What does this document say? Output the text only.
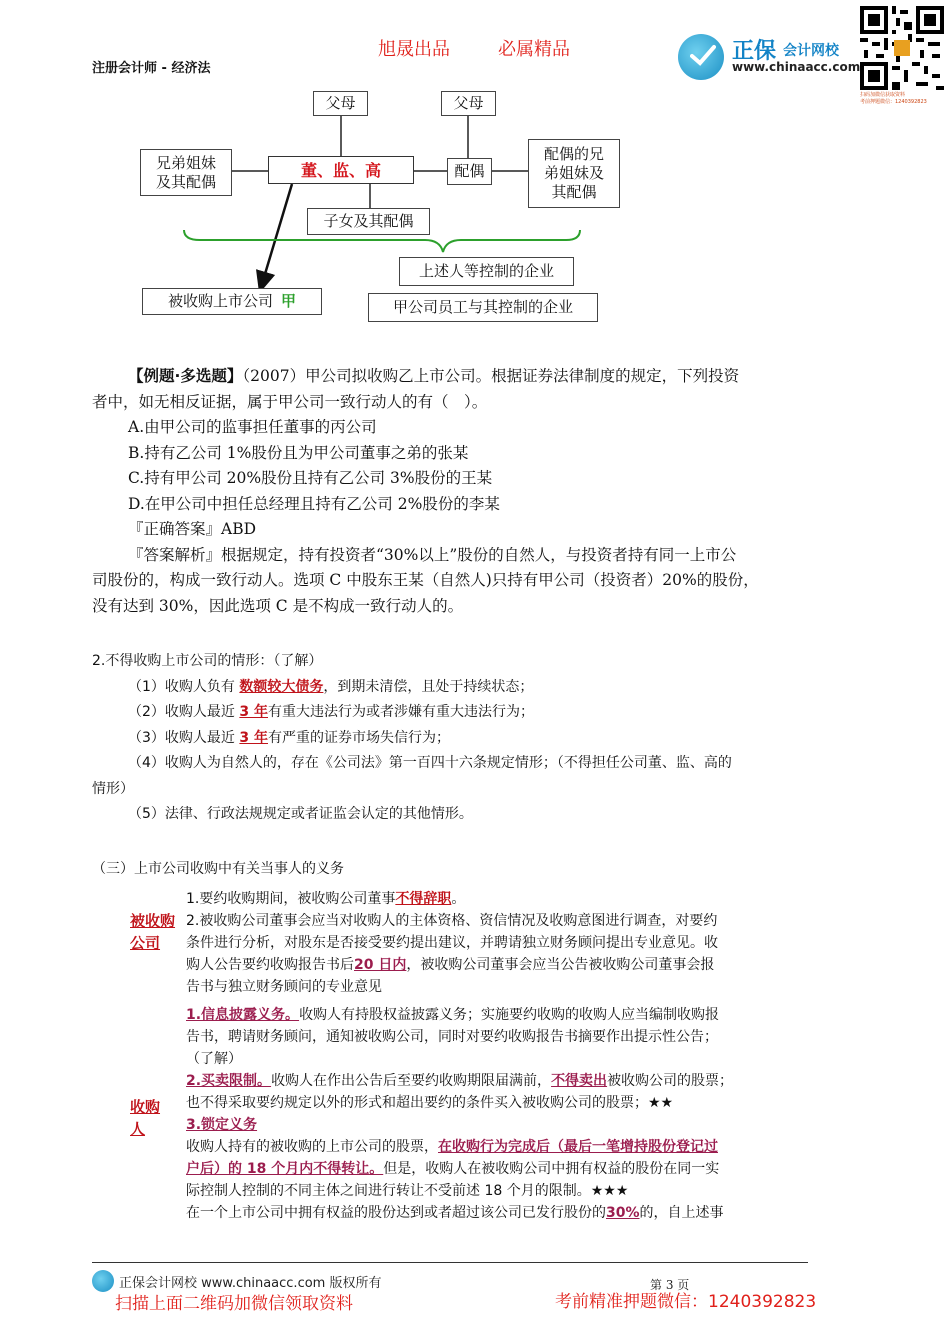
注册会计师 - 经济法
旭晟出品	必属精品	正保 会计网校
www.chinaacc.com
扫码加微信获取资料
考前押题微信：1240392823
父母	父母
董、监、高
兄弟姐妹及其配偶
配偶
配偶的兄弟姐妹及其配偶
子女及其配偶
上述人等控制的企业
被收购上市公司 甲	甲公司员工与其控制的企业

【例题·多选题】（2007）甲公司拟收购乙上市公司。根据证券法律制度的规定，下列投资

者中，如无相反证据，属于甲公司一致行动人的有（　）。

A.由甲公司的监事担任董事的丙公司

B.持有乙公司 1%股份且为甲公司董事之弟的张某

C.持有甲公司 20%股份且持有乙公司 3%股份的王某

D.在甲公司中担任总经理且持有乙公司 2%股份的李某

『正确答案』ABD

『答案解析』根据规定，持有投资者“30%以上”股份的自然人，与投资者持有同一上市公

司股份的，构成一致行动人。选项 C 中股东王某（自然人)只持有甲公司（投资者）20%的股份，

没有达到 30%，因此选项 C 是不构成一致行动人的。

2.不得收购上市公司的情形：（了解）

（1）收购人负有 数额较大债务，到期未清偿，且处于持续状态；

（2）收购人最近 3 年有重大违法行为或者涉嫌有重大违法行为；

（3）收购人最近 3 年有严重的证券市场失信行为；

（4）收购人为自然人的，存在《公司法》第一百四十六条规定情形；（不得担任公司董、监、高的

情形）

（5）法律、行政法规规定或者证监会认定的其他情形。

（三）上市公司收购中有关当事人的义务
被收购
公司

1.要约收购期间，被收购公司董事不得辞职。

2.被收购公司董事会应当对收购人的主体资格、资信情况及收购意图进行调查，对要约

条件进行分析，对股东是否接受要约提出建议，并聘请独立财务顾问提出专业意见。收

购人公告要约收购报告书后20 日内，被收购公司董事会应当公告被收购公司董事会报

告书与独立财务顾问的专业意见

收购
人

1.信息披露义务。收购人有持股权益披露义务；实施要约收购的收购人应当编制收购报

告书，聘请财务顾问，通知被收购公司，同时对要约收购报告书摘要作出提示性公告；

（了解）

2.买卖限制。收购人在作出公告后至要约收购期限届满前，不得卖出被收购公司的股票；

也不得采取要约规定以外的形式和超出要约的条件买入被收购公司的股票；★★

3.锁定义务

收购人持有的被收购的上市公司的股票，在收购行为完成后（最后一笔增持股份登记过

户后）的 18 个月内不得转让。但是，收购人在被收购公司中拥有权益的股份在同一实

际控制人控制的不同主体之间进行转让不受前述 18 个月的限制。★★★

在一个上市公司中拥有权益的股份达到或者超过该公司已发行股份的30%的，自上述事

正保会计网校 www.chinaacc.com 版权所有	第 3 页
扫描上面二维码加微信领取资料	考前精准押题微信：1240392823
